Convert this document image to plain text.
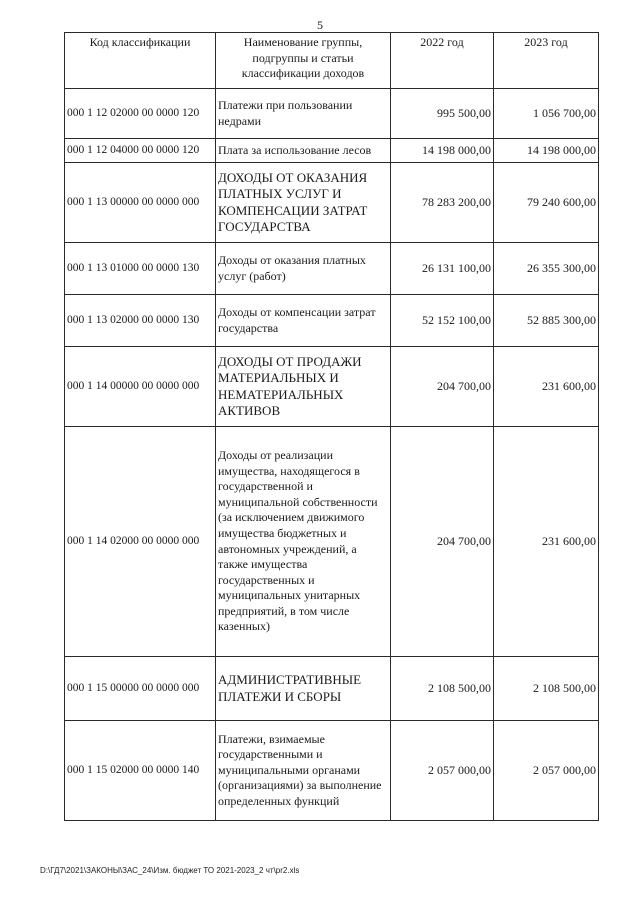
5
Код классификации	Наименование группы, подгруппы и статьи классификации доходов	2022 год	2023 год
000 1 12 02000 00 0000 120	Платежи при пользовании недрами	995 500,00	1 056 700,00
000 1 12 04000 00 0000 120	Плата за использование лесов	14 198 000,00	14 198 000,00
000 1 13 00000 00 0000 000	ДОХОДЫ ОТ ОКАЗАНИЯ ПЛАТНЫХ УСЛУГ И КОМПЕНСАЦИИ ЗАТРАТ ГОСУДАРСТВА	78 283 200,00	79 240 600,00
000 1 13 01000 00 0000 130	Доходы от оказания платных услуг (работ)	26 131 100,00	26 355 300,00
000 1 13 02000 00 0000 130	Доходы от компенсации затрат государства	52 152 100,00	52 885 300,00
000 1 14 00000 00 0000 000	ДОХОДЫ ОТ ПРОДАЖИ МАТЕРИАЛЬНЫХ И НЕМАТЕРИАЛЬНЫХ АКТИВОВ	204 700,00	231 600,00
000 1 14 02000 00 0000 000	Доходы от реализации имущества, находящегося в государственной и муниципальной собственности (за исключением движимого имущества бюджетных и автономных учреждений, а также имущества государственных и муниципальных унитарных предприятий, в том числе казенных)	204 700,00	231 600,00
000 1 15 00000 00 0000 000	АДМИНИСТРАТИВНЫЕ ПЛАТЕЖИ И СБОРЫ	2 108 500,00	2 108 500,00
000 1 15 02000 00 0000 140	Платежи, взимаемые государственными и муниципальными органами (организациями) за выполнение определенных функций	2 057 000,00	2 057 000,00
D:\ГД7\2021\ЗАКОНЫ\ЗАС_24\Изм. бюджет ТО 2021-2023_2 чт\pr2.xls
